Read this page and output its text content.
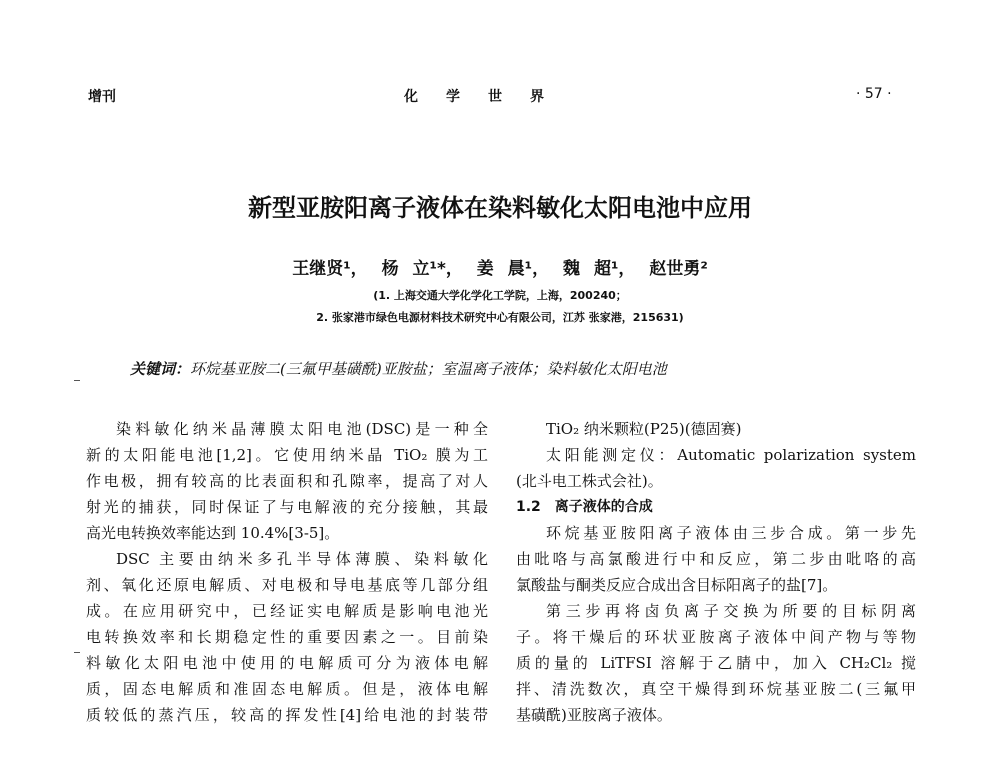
增刊	化学世界	· 57 ·
新型亚胺阳离子液体在染料敏化太阳电池中应用
王继贤¹， 杨 立¹*， 姜 晨¹， 魏 超¹， 赵世勇²
(1. 上海交通大学化学化工学院，上海，200240；
2. 张家港市绿色电源材料技术研究中心有限公司，江苏 张家港，215631)
关键词：环烷基亚胺二(三氟甲基磺酰)亚胺盐；室温离子液体；染料敏化太阳电池
染料敏化纳米晶薄膜太阳电池(DSC)是一种全
新的太阳能电池[1,2]。它使用纳米晶 TiO₂ 膜为工
作电极，拥有较高的比表面积和孔隙率，提高了对人
射光的捕获，同时保证了与电解液的充分接触，其最
高光电转换效率能达到 10.4%[3-5]。
DSC 主要由纳米多孔半导体薄膜、染料敏化
剂、氧化还原电解质、对电极和导电基底等几部分组
成。在应用研究中，已经证实电解质是影响电池光
电转换效率和长期稳定性的重要因素之一。目前染
料敏化太阳电池中使用的电解质可分为液体电解
质，固态电解质和准固态电解质。但是，液体电解
质较低的蒸汽压，较高的挥发性[4]给电池的封装带
TiO₂ 纳米颗粒(P25)(德固赛)
太阳能测定仪：Automatic polarization system
(北斗电工株式会社)。
1.2　离子液体的合成
环烷基亚胺阳离子液体由三步合成。第一步先
由吡咯与高氯酸进行中和反应，第二步由吡咯的高
氯酸盐与酮类反应合成出含目标阳离子的盐[7]。
第三步再将卤负离子交换为所要的目标阴离
子。将干燥后的环状亚胺离子液体中间产物与等物
质的量的 LiTFSI 溶解于乙腈中，加入 CH₂Cl₂ 搅
拌、清洗数次，真空干燥得到环烷基亚胺二(三氟甲
基磺酰)亚胺离子液体。
